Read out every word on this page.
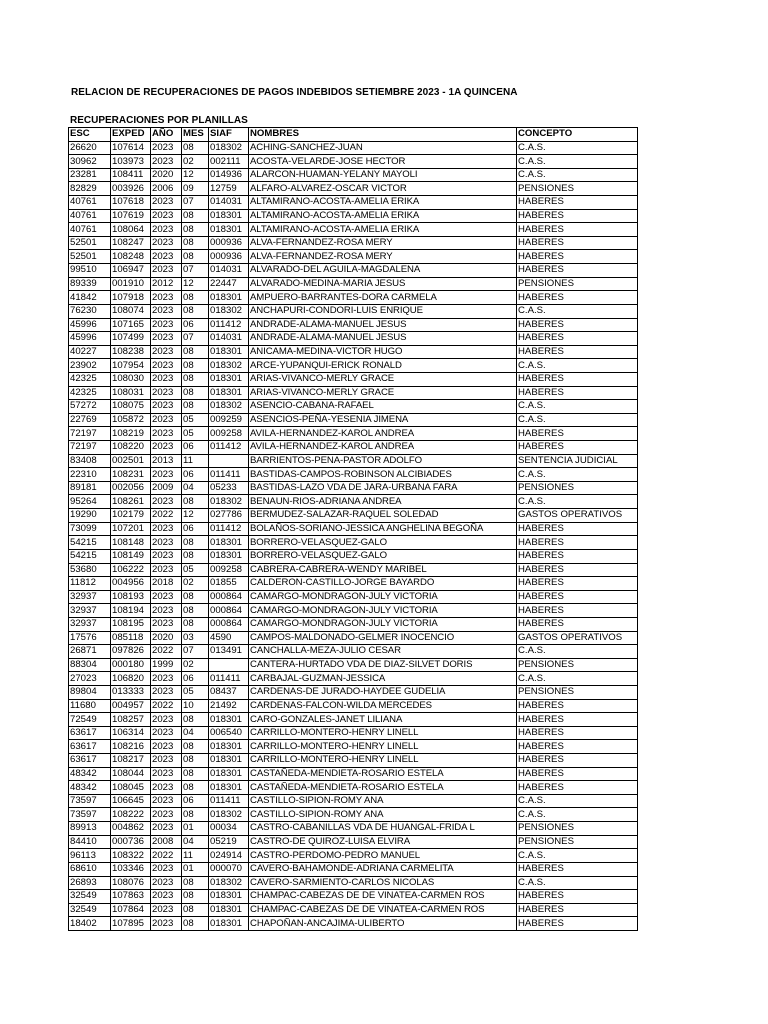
RELACION DE RECUPERACIONES DE PAGOS INDEBIDOS SETIEMBRE 2023 - 1A QUINCENA
RECUPERACIONES POR PLANILLAS
ESC	EXPED	AÑO	MES	SIAF	NOMBRES	CONCEPTO
26620	107614	2023	08	018302	ACHING-SANCHEZ-JUAN	C.A.S.
30962	103973	2023	02	002111	ACOSTA-VELARDE-JOSE HECTOR	C.A.S.
23281	108411	2020	12	014936	ALARCON-HUAMAN-YELANY MAYOLI	C.A.S.
82829	003926	2006	09	12759	ALFARO-ALVAREZ-OSCAR VICTOR	PENSIONES
40761	107618	2023	07	014031	ALTAMIRANO-ACOSTA-AMELIA ERIKA	HABERES
40761	107619	2023	08	018301	ALTAMIRANO-ACOSTA-AMELIA ERIKA	HABERES
40761	108064	2023	08	018301	ALTAMIRANO-ACOSTA-AMELIA ERIKA	HABERES
52501	108247	2023	08	000936	ALVA-FERNANDEZ-ROSA MERY	HABERES
52501	108248	2023	08	000936	ALVA-FERNANDEZ-ROSA MERY	HABERES
99510	106947	2023	07	014031	ALVARADO-DEL AGUILA-MAGDALENA	HABERES
89339	001910	2012	12	22447	ALVARADO-MEDINA-MARIA JESUS	PENSIONES
41842	107918	2023	08	018301	AMPUERO-BARRANTES-DORA CARMELA	HABERES
76230	108074	2023	08	018302	ANCHAPURI-CONDORI-LUIS ENRIQUE	C.A.S.
45996	107165	2023	06	011412	ANDRADE-ALAMA-MANUEL JESUS	HABERES
45996	107499	2023	07	014031	ANDRADE-ALAMA-MANUEL JESUS	HABERES
40227	108238	2023	08	018301	ANICAMA-MEDINA-VICTOR HUGO	HABERES
23902	107954	2023	08	018302	ARCE-YUPANQUI-ERICK RONALD	C.A.S.
42325	108030	2023	08	018301	ARIAS-VIVANCO-MERLY GRACE	HABERES
42325	108031	2023	08	018301	ARIAS-VIVANCO-MERLY GRACE	HABERES
57272	108075	2023	08	018302	ASENCIO-CABANA-RAFAEL	C.A.S.
22769	105872	2023	05	009259	ASENCIOS-PEÑA-YESENIA JIMENA	C.A.S.
72197	108219	2023	05	009258	AVILA-HERNANDEZ-KAROL ANDREA	HABERES
72197	108220	2023	06	011412	AVILA-HERNANDEZ-KAROL ANDREA	HABERES
83408	002501	2013	11		BARRIENTOS-PENA-PASTOR ADOLFO	SENTENCIA JUDICIAL
22310	108231	2023	06	011411	BASTIDAS-CAMPOS-ROBINSON ALCIBIADES	C.A.S.
89181	002056	2009	04	05233	BASTIDAS-LAZO VDA DE JARA-URBANA FARA	PENSIONES
95264	108261	2023	08	018302	BENAUN-RIOS-ADRIANA ANDREA	C.A.S.
19290	102179	2022	12	027786	BERMUDEZ-SALAZAR-RAQUEL SOLEDAD	GASTOS OPERATIVOS
73099	107201	2023	06	011412	BOLAÑOS-SORIANO-JESSICA ANGHELINA BEGOÑA	HABERES
54215	108148	2023	08	018301	BORRERO-VELASQUEZ-GALO	HABERES
54215	108149	2023	08	018301	BORRERO-VELASQUEZ-GALO	HABERES
53680	106222	2023	05	009258	CABRERA-CABRERA-WENDY MARIBEL	HABERES
11812	004956	2018	02	01855	CALDERON-CASTILLO-JORGE BAYARDO	HABERES
32937	108193	2023	08	000864	CAMARGO-MONDRAGON-JULY VICTORIA	HABERES
32937	108194	2023	08	000864	CAMARGO-MONDRAGON-JULY VICTORIA	HABERES
32937	108195	2023	08	000864	CAMARGO-MONDRAGON-JULY VICTORIA	HABERES
17576	085118	2020	03	4590	CAMPOS-MALDONADO-GELMER INOCENCIO	GASTOS OPERATIVOS
26871	097826	2022	07	013491	CANCHALLA-MEZA-JULIO CESAR	C.A.S.
88304	000180	1999	02		CANTERA-HURTADO VDA DE DIAZ-SILVET DORIS	PENSIONES
27023	106820	2023	06	011411	CARBAJAL-GUZMAN-JESSICA	C.A.S.
89804	013333	2023	05	08437	CARDENAS-DE JURADO-HAYDEE GUDELIA	PENSIONES
11680	004957	2022	10	21492	CARDENAS-FALCON-WILDA MERCEDES	HABERES
72549	108257	2023	08	018301	CARO-GONZALES-JANET LILIANA	HABERES
63617	106314	2023	04	006540	CARRILLO-MONTERO-HENRY LINELL	HABERES
63617	108216	2023	08	018301	CARRILLO-MONTERO-HENRY LINELL	HABERES
63617	108217	2023	08	018301	CARRILLO-MONTERO-HENRY LINELL	HABERES
48342	108044	2023	08	018301	CASTAÑEDA-MENDIETA-ROSARIO ESTELA	HABERES
48342	108045	2023	08	018301	CASTAÑEDA-MENDIETA-ROSARIO ESTELA	HABERES
73597	106645	2023	06	011411	CASTILLO-SIPION-ROMY ANA	C.A.S.
73597	108222	2023	08	018302	CASTILLO-SIPION-ROMY ANA	C.A.S.
89913	004862	2023	01	00034	CASTRO-CABANILLAS VDA DE HUANGAL-FRIDA L	PENSIONES
84410	000736	2008	04	05219	CASTRO-DE QUIROZ-LUISA ELVIRA	PENSIONES
96113	108322	2022	11	024914	CASTRO-PERDOMO-PEDRO MANUEL	C.A.S.
68610	103346	2023	01	000070	CAVERO-BAHAMONDE-ADRIANA CARMELITA	HABERES
26893	108076	2023	08	018302	CAVERO-SARMIENTO-CARLOS NICOLAS	C.A.S.
32549	107863	2023	08	018301	CHAMPAC-CABEZAS DE DE VINATEA-CARMEN ROS	HABERES
32549	107864	2023	08	018301	CHAMPAC-CABEZAS DE DE VINATEA-CARMEN ROS	HABERES
18402	107895	2023	08	018301	CHAPOÑAN-ANCAJIMA-ULIBERTO	HABERES
